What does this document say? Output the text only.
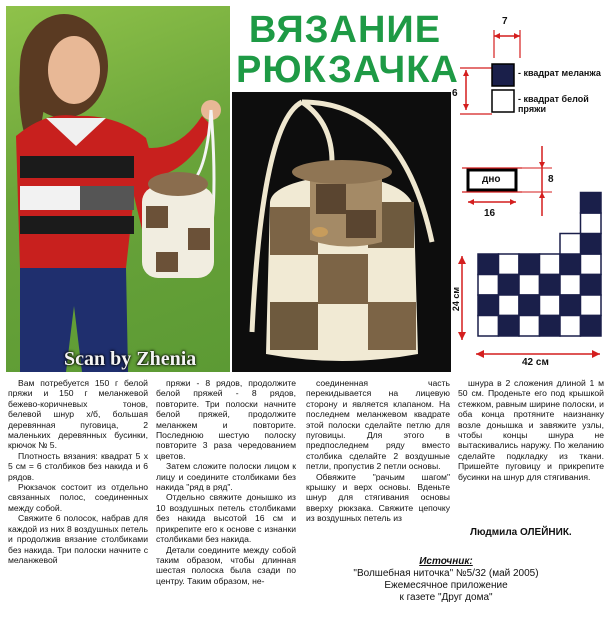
ВЯЗАНИЕ
РЮКЗАЧКА
Scan by Zhenia
7
6
- квадрат меланжа
- квадрат белой пряжи
дно	8
16
24 см
42 см

Вам потребуется 150 г белой пряжи и 150 г меланжевой бежево-коричневых тонов, белевой шнур х/б, большая деревянная пуговица, 2 маленьких деревянных бусинки, крючок № 5.

Плотность вязания: квадрат 5 х 5 см = 6 столбиков без накида и 6 рядов.

Рюкзачок состоит из отдельно связанных полос, соединенных между собой.

Свяжите 6 полосок, набрав для каждой из них 8 воздушных петель и продолжив вязание столбиками без накида. Три полоски начните с меланжевой

пряжи - 8 рядов, продолжите белой пряжей - 8 рядов, повторите. Три полоски начните белой пряжей, продолжите меланжем и повторите. Последнюю шестую полоску повторите 3 раза чередованием цветов.

Затем сложите полоски лицом к лицу и соедините столбиками без накида "ряд в ряд".

Отдельно свяжите донышко из 10 воздушных петель столбиками без накида высотой 16 см и прикрепите его к основе с изнанки столбиками без накида.

Детали соедините между собой таким образом, чтобы длинная шестая полоска была сзади по центру. Таким образом, не-

соединенная часть перекидывается на лицевую сторону и является клапаном. На последнем меланжевом квадрате этой полоски сделайте петлю для пуговицы. Для этого в предпоследнем ряду вместо столбика сделайте 2 воздушные петли, пропустив 2 петли основы.

Обвяжите "рачьим шагом" крышку и верх основы. Вденьте шнур для стягивания основы вверху рюкзака. Свяжите цепочку из воздушных петель из

шнура в 2 сложения длиной 1 м 50 см. Проденьте его под крышкой стежком, равным ширине полоски, и оба конца протяните наизнанку возле донышка и завяжите узлы, чтобы концы шнура не вытаскивались наружу. По желанию сделайте подкладку из ткани. Пришейте пуговицу и прикрепите бусинки на шнур для стягивания.

Людмила ОЛЕЙНИК.
Источник:
"Волшебная ниточка" №5/32 (май 2005)
Ежемесячное приложение
к газете "Друг дома"
